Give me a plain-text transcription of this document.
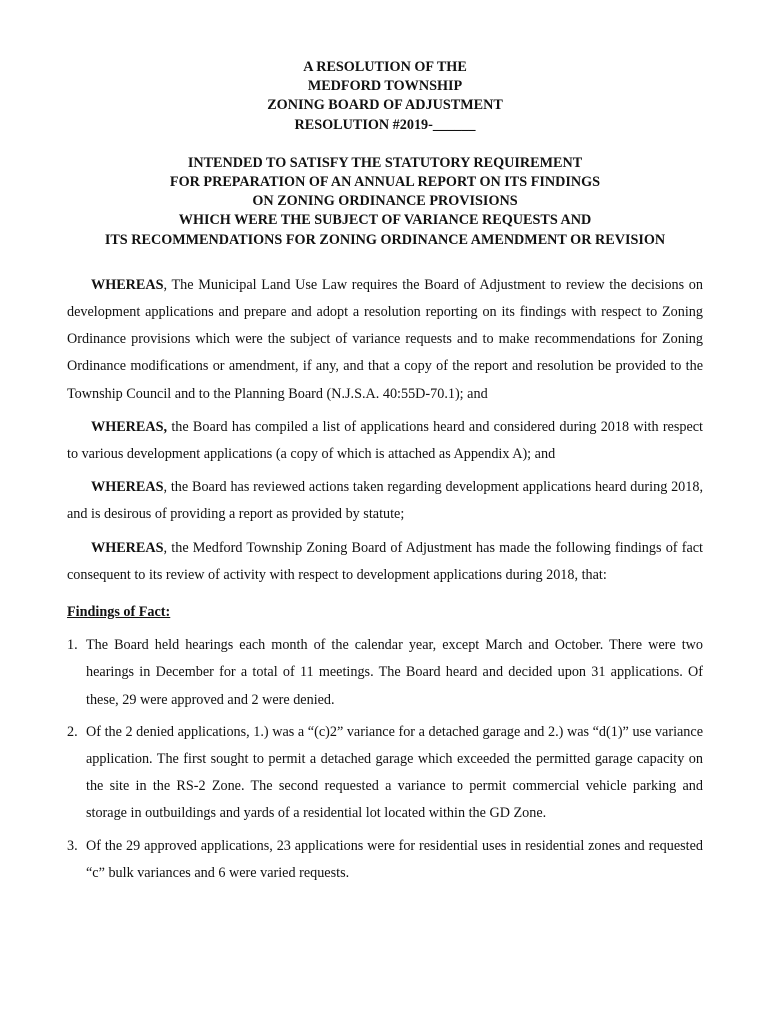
A RESOLUTION OF THE
MEDFORD TOWNSHIP
ZONING BOARD OF ADJUSTMENT
RESOLUTION #2019-______
INTENDED TO SATISFY THE STATUTORY REQUIREMENT
FOR PREPARATION OF AN ANNUAL REPORT ON ITS FINDINGS
ON ZONING ORDINANCE PROVISIONS
WHICH WERE THE SUBJECT OF VARIANCE REQUESTS AND
ITS RECOMMENDATIONS FOR ZONING ORDINANCE AMENDMENT OR REVISION

WHEREAS, The Municipal Land Use Law requires the Board of Adjustment to review the decisions on development applications and prepare and adopt a resolution reporting on its findings with respect to Zoning Ordinance provisions which were the subject of variance requests and to make recommendations for Zoning Ordinance modifications or amendment, if any, and that a copy of the report and resolution be provided to the Township Council and to the Planning Board (N.J.S.A. 40:55D-70.1); and

WHEREAS, the Board has compiled a list of applications heard and considered during 2018 with respect to various development applications (a copy of which is attached as Appendix A); and

WHEREAS, the Board has reviewed actions taken regarding development applications heard during 2018, and is desirous of providing a report as provided by statute;

WHEREAS, the Medford Township Zoning Board of Adjustment has made the following findings of fact consequent to its review of activity with respect to development applications during 2018, that:

Findings of Fact:

1. The Board held hearings each month of the calendar year, except March and October. There were two hearings in December for a total of 11 meetings. The Board heard and decided upon 31 applications. Of these, 29 were approved and 2 were denied.
2. Of the 2 denied applications, 1.) was a “(c)2” variance for a detached garage and 2.) was “d(1)” use variance application. The first sought to permit a detached garage which exceeded the permitted garage capacity on the site in the RS-2 Zone. The second requested a variance to permit commercial vehicle parking and storage in outbuildings and yards of a residential lot located within the GD Zone.
3. Of the 29 approved applications, 23 applications were for residential uses in residential zones and requested “c” bulk variances and 6 were varied requests.
